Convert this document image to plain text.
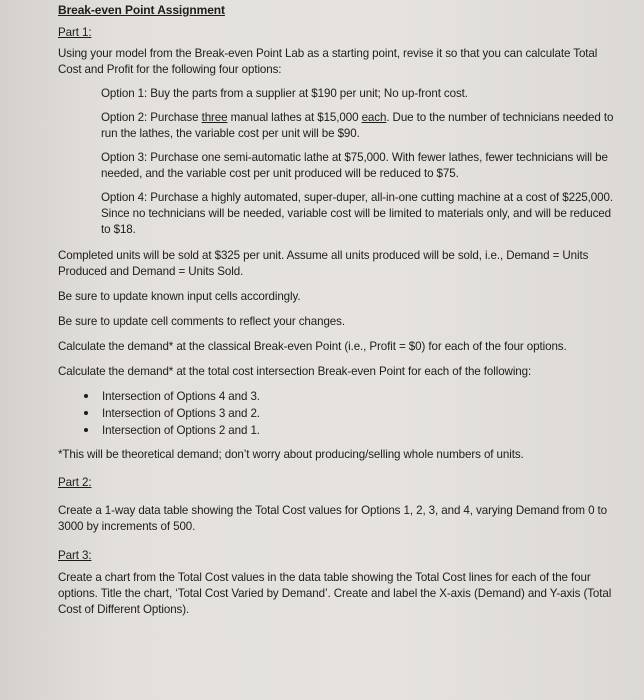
Break-even Point Assignment

Part 1:

Using your model from the Break-even Point Lab as a starting point, revise it so that you can calculate Total Cost and Profit for the following four options:

Option 1: Buy the parts from a supplier at $190 per unit; No up-front cost.

Option 2: Purchase three manual lathes at $15,000 each. Due to the number of technicians needed to run the lathes, the variable cost per unit will be $90.

Option 3: Purchase one semi-automatic lathe at $75,000. With fewer lathes, fewer technicians will be needed, and the variable cost per unit produced will be reduced to $75.

Option 4: Purchase a highly automated, super-duper, all-in-one cutting machine at a cost of $225,000. Since no technicians will be needed, variable cost will be limited to materials only, and will be reduced to $18.

Completed units will be sold at $325 per unit. Assume all units produced will be sold, i.e., Demand = Units Produced and Demand = Units Sold.

Be sure to update known input cells accordingly.

Be sure to update cell comments to reflect your changes.

Calculate the demand* at the classical Break-even Point (i.e., Profit = $0) for each of the four options.

Calculate the demand* at the total cost intersection Break-even Point for each of the following:

Intersection of Options 4 and 3.
Intersection of Options 3 and 2.
Intersection of Options 2 and 1.

*This will be theoretical demand; don’t worry about producing/selling whole numbers of units.

Part 2:

Create a 1-way data table showing the Total Cost values for Options 1, 2, 3, and 4, varying Demand from 0 to 3000 by increments of 500.

Part 3:

Create a chart from the Total Cost values in the data table showing the Total Cost lines for each of the four options. Title the chart, ‘Total Cost Varied by Demand’. Create and label the X-axis (Demand) and Y-axis (Total Cost of Different Options).
